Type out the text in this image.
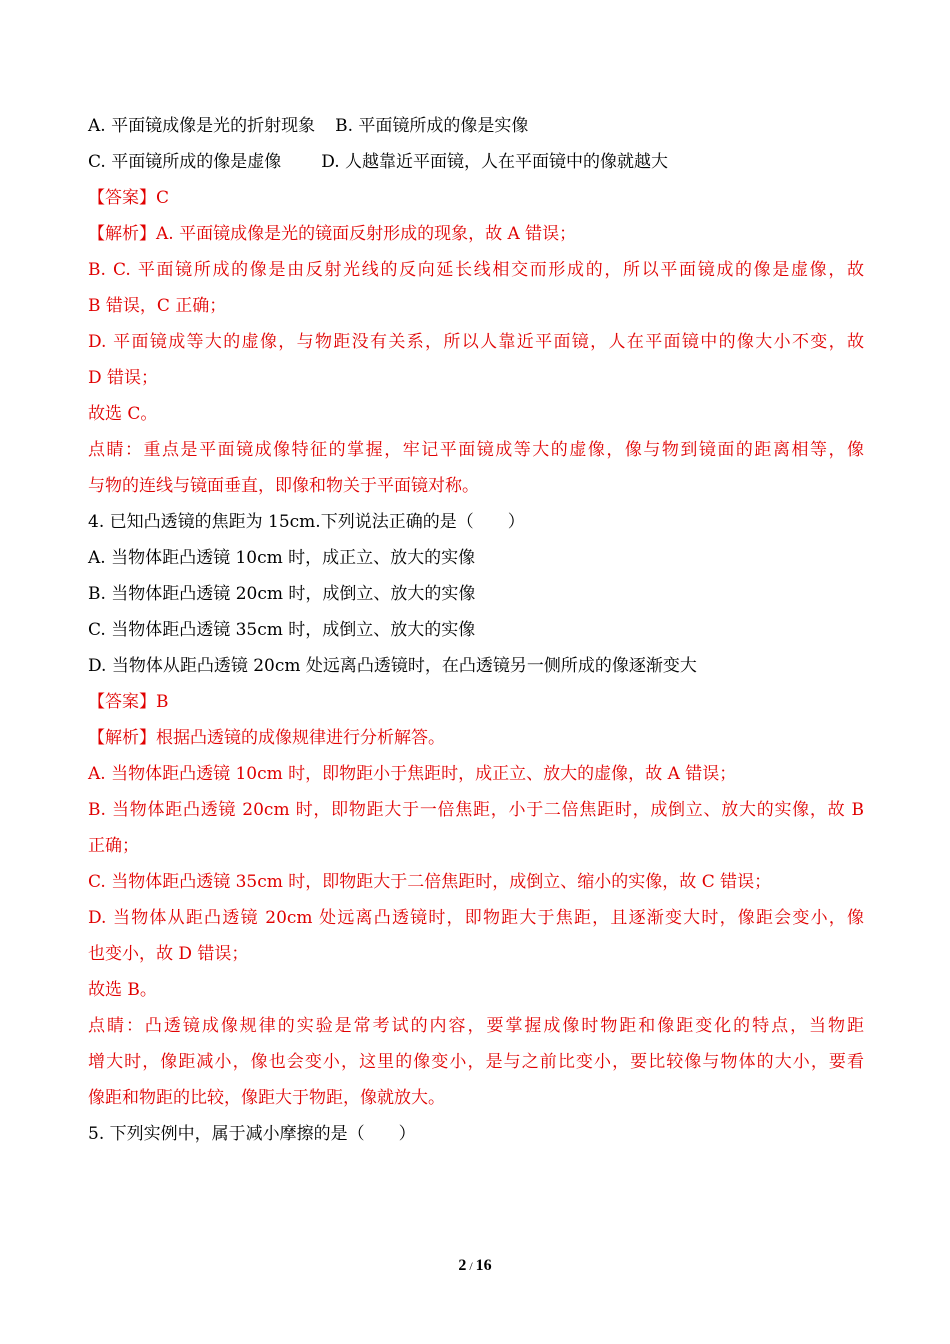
A. 平面镜成像是光的折射现象 B. 平面镜所成的像是实像
C. 平面镜所成的像是虚像 D. 人越靠近平面镜，人在平面镜中的像就越大
【答案】C
【解析】A. 平面镜成像是光的镜面反射形成的现象，故 A 错误；
B. C. 平面镜所成的像是由反射光线的反向延长线相交而形成的，所以平面镜成的像是虚像，故
B 错误，C 正确；
D. 平面镜成等大的虚像，与物距没有关系，所以人靠近平面镜，人在平面镜中的像大小不变，故
D 错误；
故选 C。
点睛：重点是平面镜成像特征的掌握，牢记平面镜成等大的虚像，像与物到镜面的距离相等，像
与物的连线与镜面垂直，即像和物关于平面镜对称。
4. 已知凸透镜的焦距为 15cm.下列说法正确的是（　　）
A. 当物体距凸透镜 10cm 时，成正立、放大的实像
B. 当物体距凸透镜 20cm 时，成倒立、放大的实像
C. 当物体距凸透镜 35cm 时，成倒立、放大的实像
D. 当物体从距凸透镜 20cm 处远离凸透镜时，在凸透镜另一侧所成的像逐渐变大
【答案】B
【解析】根据凸透镜的成像规律进行分析解答。
A. 当物体距凸透镜 10cm 时，即物距小于焦距时，成正立、放大的虚像，故 A 错误；
B. 当物体距凸透镜 20cm 时，即物距大于一倍焦距，小于二倍焦距时，成倒立、放大的实像，故 B
正确；
C. 当物体距凸透镜 35cm 时，即物距大于二倍焦距时，成倒立、缩小的实像，故 C 错误；
D. 当物体从距凸透镜 20cm 处远离凸透镜时，即物距大于焦距，且逐渐变大时，像距会变小，像
也变小，故 D 错误；
故选 B。
点睛：凸透镜成像规律的实验是常考试的内容，要掌握成像时物距和像距变化的特点，当物距
增大时，像距减小，像也会变小，这里的像变小，是与之前比变小，要比较像与物体的大小，要看
像距和物距的比较，像距大于物距，像就放大。
5. 下列实例中，属于减小摩擦的是（　　）
2 / 16
